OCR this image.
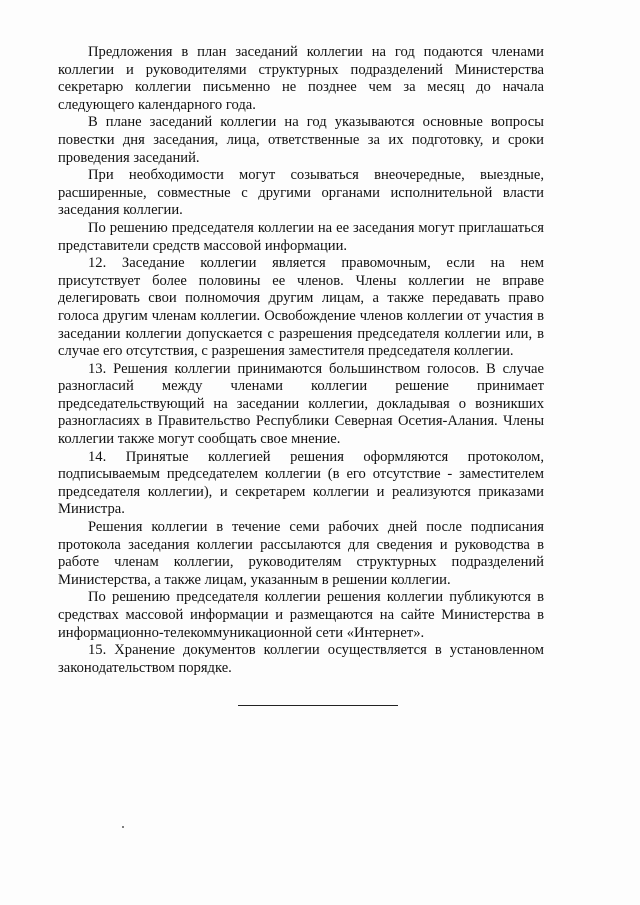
Предложения в план заседаний коллегии на год подаются членами коллегии и руководителями структурных подразделений Министерства секретарю коллегии письменно не позднее чем за месяц до начала следующего календарного года.

В плане заседаний коллегии на год указываются основные вопросы повестки дня заседания, лица, ответственные за их подготовку, и сроки проведения заседаний.

При необходимости могут созываться внеочередные, выездные, расширенные, совместные с другими органами исполнительной власти заседания коллегии.

По решению председателя коллегии на ее заседания могут приглашаться представители средств массовой информации.

12. Заседание коллегии является правомочным, если на нем присутствует более половины ее членов. Члены коллегии не вправе делегировать свои полномочия другим лицам, а также передавать право голоса другим членам коллегии. Освобождение членов коллегии от участия в заседании коллегии допускается с разрешения председателя коллегии или, в случае его отсутствия, с разрешения заместителя председателя коллегии.

13. Решения коллегии принимаются большинством голосов. В случае разногласий между членами коллегии решение принимает председательствующий на заседании коллегии, докладывая о возникших разногласиях в Правительство Республики Северная Осетия-Алания. Члены коллегии также могут сообщать свое мнение.

14. Принятые коллегией решения оформляются протоколом, подписываемым председателем коллегии (в его отсутствие - заместителем председателя коллегии), и секретарем коллегии и реализуются приказами Министра.

Решения коллегии в течение семи рабочих дней после подписания протокола заседания коллегии рассылаются для сведения и руководства в работе членам коллегии, руководителям структурных подразделений Министерства, а также лицам, указанным в решении коллегии.

По решению председателя коллегии решения коллегии публикуются в средствах массовой информации и размещаются на сайте Министерства в информационно-телекоммуникационной сети «Интернет».

15. Хранение документов коллегии осуществляется в установленном законодательством порядке.
